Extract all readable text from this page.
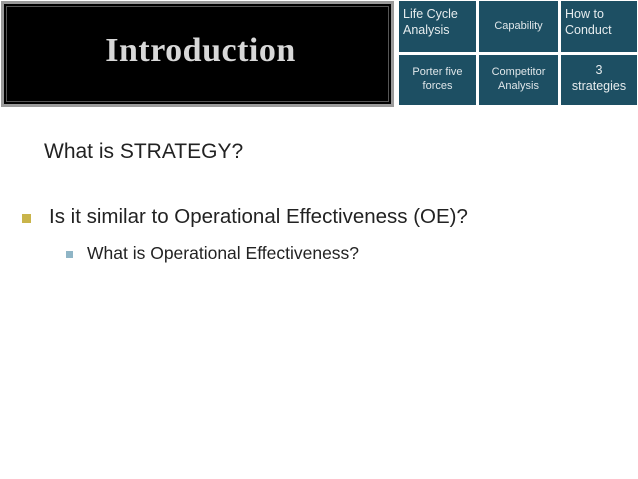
Introduction
Life Cycle
Analysis	Capability
How to
Conduct
Porter five
forces
Competitor
Analysis
3
strategies
What is STRATEGY?
Is it similar to Operational Effectiveness (OE)?
What is Operational Effectiveness?
